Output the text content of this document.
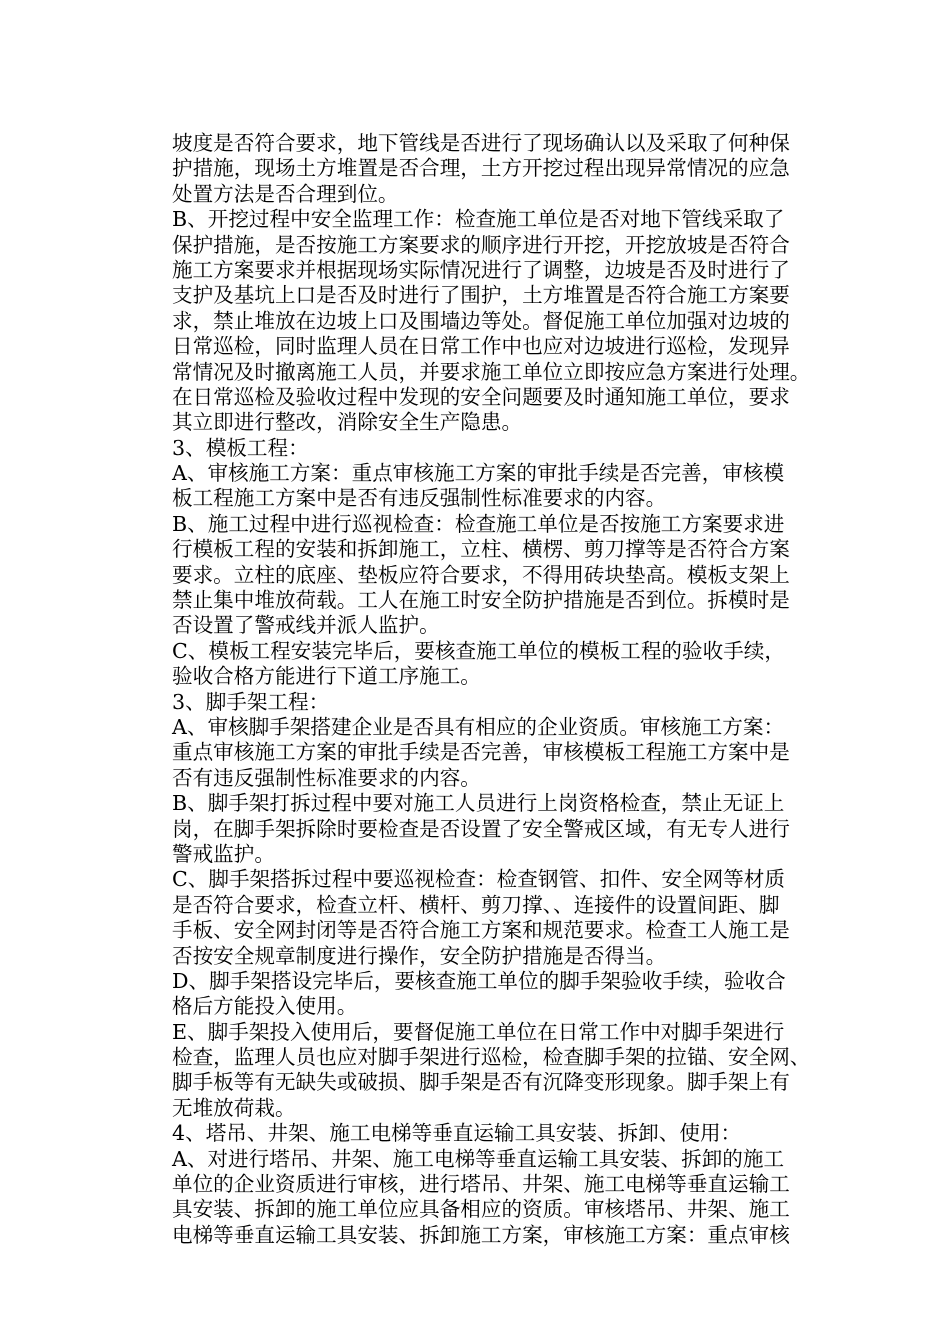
坡度是否符合要求，地下管线是否进行了现场确认以及采取了何种保
护措施，现场土方堆置是否合理，土方开挖过程出现异常情况的应急
处置方法是否合理到位。
B、开挖过程中安全监理工作：检查施工单位是否对地下管线采取了
保护措施，是否按施工方案要求的顺序进行开挖，开挖放坡是否符合
施工方案要求并根据现场实际情况进行了调整，边坡是否及时进行了
支护及基坑上口是否及时进行了围护，土方堆置是否符合施工方案要
求，禁止堆放在边坡上口及围墙边等处。督促施工单位加强对边坡的
日常巡检，同时监理人员在日常工作中也应对边坡进行巡检，发现异
常情况及时撤离施工人员，并要求施工单位立即按应急方案进行处理。
在日常巡检及验收过程中发现的安全问题要及时通知施工单位，要求
其立即进行整改，消除安全生产隐患。
3、模板工程：
A、审核施工方案：重点审核施工方案的审批手续是否完善，审核模
板工程施工方案中是否有违反强制性标准要求的内容。
B、施工过程中进行巡视检查：检查施工单位是否按施工方案要求进
行模板工程的安装和拆卸施工，立柱、横楞、剪刀撑等是否符合方案
要求。立柱的底座、垫板应符合要求，不得用砖块垫高。模板支架上
禁止集中堆放荷载。工人在施工时安全防护措施是否到位。拆模时是
否设置了警戒线并派人监护。
C、模板工程安装完毕后，要核查施工单位的模板工程的验收手续，
验收合格方能进行下道工序施工。
3、脚手架工程：
A、审核脚手架搭建企业是否具有相应的企业资质。审核施工方案：
重点审核施工方案的审批手续是否完善，审核模板工程施工方案中是
否有违反强制性标准要求的内容。
B、脚手架打拆过程中要对施工人员进行上岗资格检查，禁止无证上
岗，在脚手架拆除时要检查是否设置了安全警戒区域，有无专人进行
警戒监护。
C、脚手架搭拆过程中要巡视检查：检查钢管、扣件、安全网等材质
是否符合要求，检查立杆、横杆、剪刀撑、、连接件的设置间距、脚
手板、安全网封闭等是否符合施工方案和规范要求。检查工人施工是
否按安全规章制度进行操作，安全防护措施是否得当。
D、脚手架搭设完毕后，要核查施工单位的脚手架验收手续，验收合
格后方能投入使用。
E、脚手架投入使用后，要督促施工单位在日常工作中对脚手架进行
检查，监理人员也应对脚手架进行巡检，检查脚手架的拉锚、安全网、
脚手板等有无缺失或破损、脚手架是否有沉降变形现象。脚手架上有
无堆放荷栽。
4、塔吊、井架、施工电梯等垂直运输工具安装、拆卸、使用：
A、对进行塔吊、井架、施工电梯等垂直运输工具安装、拆卸的施工
单位的企业资质进行审核，进行塔吊、井架、施工电梯等垂直运输工
具安装、拆卸的施工单位应具备相应的资质。审核塔吊、井架、施工
电梯等垂直运输工具安装、拆卸施工方案，审核施工方案：重点审核
